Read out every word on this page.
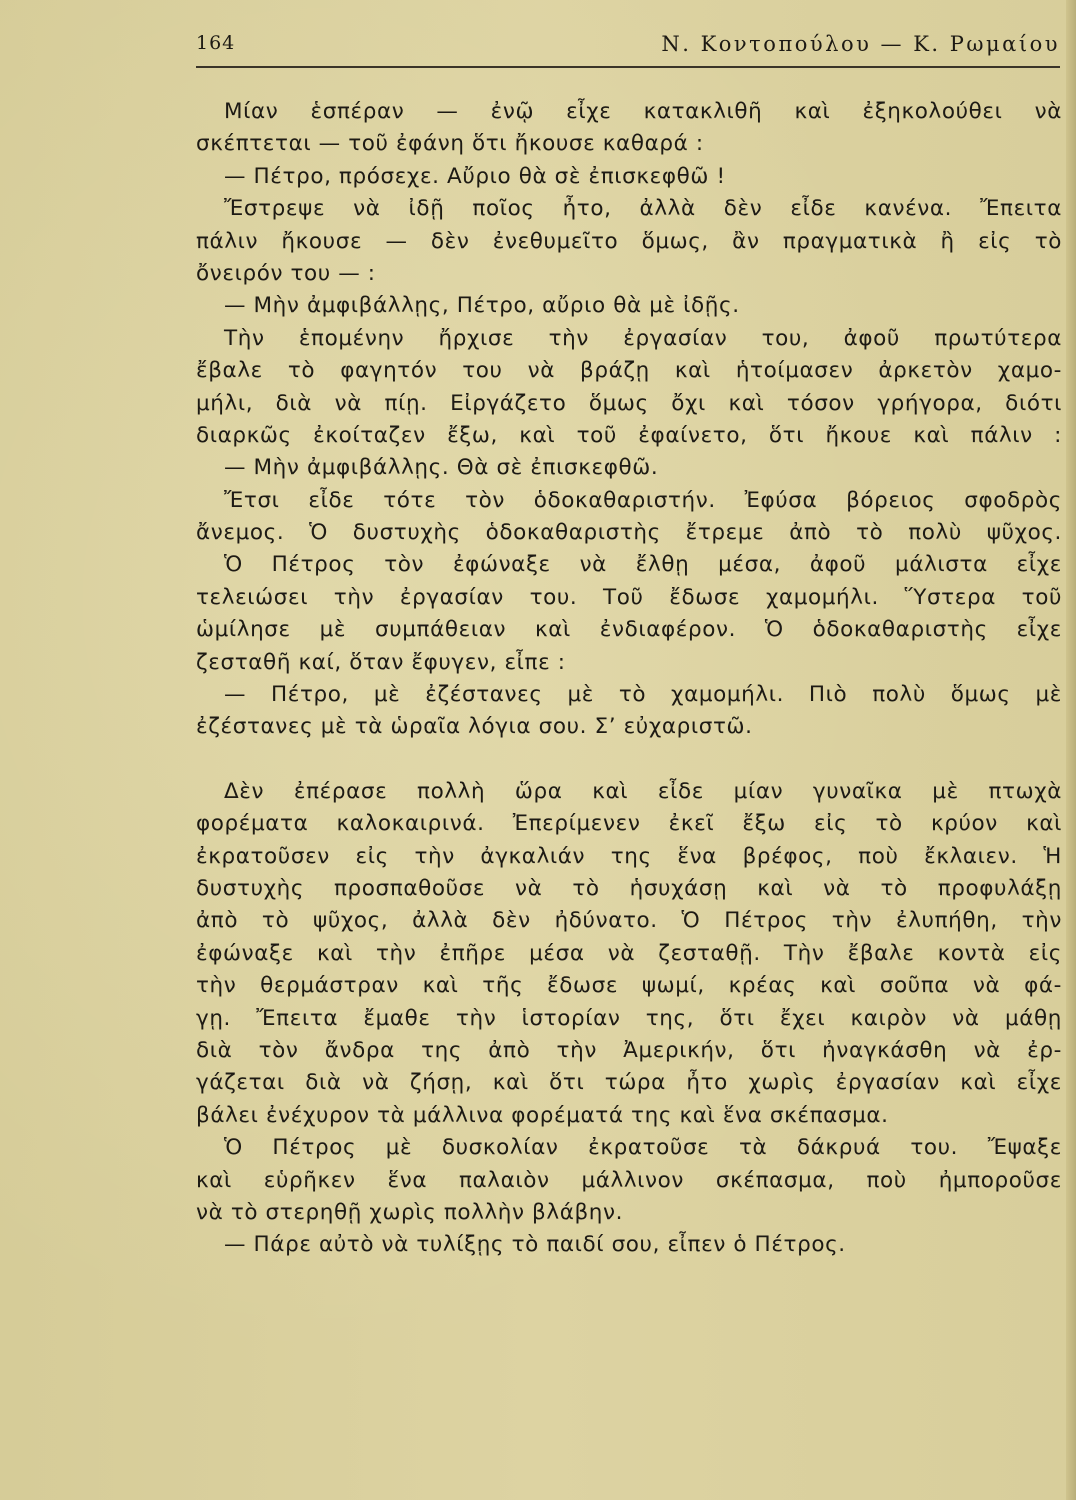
164	Ν. Κοντοπούλου — Κ. Ρωμαίου
Μίαν ἑσπέραν — ἐνῷ εἶχε κατακλιθῆ καὶ ἐξηκολούθει νὰ
σκέπτεται — τοῦ ἐφάνη ὅτι ἤκουσε καθαρά :
— Πέτρο, πρόσεχε. Αὔριο θὰ σὲ ἐπισκεφθῶ !
Ἔστρεψε νὰ ἰδῇ ποῖος ἦτο, ἀλλὰ δὲν εἶδε κανένα. Ἔπειτα
πάλιν ἤκουσε — δὲν ἐνεθυμεῖτο ὅμως, ἂν πραγματικὰ ἢ εἰς τὸ
ὄνειρόν του — :
— Μὴν ἀμφιβάλλῃς, Πέτρο, αὔριο θὰ μὲ ἰδῇς.
Τὴν ἑπομένην ἤρχισε τὴν ἐργασίαν του, ἀφοῦ πρωτύτερα
ἔβαλε τὸ φαγητόν του νὰ βράζῃ καὶ ἡτοίμασεν ἀρκετὸν χαμο-
μήλι, διὰ νὰ πίῃ. Εἰργάζετο ὅμως ὄχι καὶ τόσον γρήγορα, διότι
διαρκῶς ἐκοίταζεν ἔξω, καὶ τοῦ ἐφαίνετο, ὅτι ἤκουε καὶ πάλιν :
— Μὴν ἀμφιβάλλῃς. Θὰ σὲ ἐπισκεφθῶ.
Ἔτσι εἶδε τότε τὸν ὁδοκαθαριστήν. Ἐφύσα βόρειος σφοδρὸς
ἄνεμος. Ὁ δυστυχὴς ὁδοκαθαριστὴς ἔτρεμε ἀπὸ τὸ πολὺ ψῦχος.
Ὁ Πέτρος τὸν ἐφώναξε νὰ ἔλθῃ μέσα, ἀφοῦ μάλιστα εἶχε
τελειώσει τὴν ἐργασίαν του. Τοῦ ἔδωσε χαμομήλι. Ὕστερα τοῦ
ὡμίλησε μὲ συμπάθειαν καὶ ἐνδιαφέρον. Ὁ ὁδοκαθαριστὴς εἶχε
ζεσταθῆ καί, ὅταν ἔφυγεν, εἶπε :
— Πέτρο, μὲ ἐζέστανες μὲ τὸ χαμομήλι. Πιὸ πολὺ ὅμως μὲ
ἐζέστανες μὲ τὰ ὡραῖα λόγια σου. Σ’ εὐχαριστῶ.
Δὲν ἐπέρασε πολλὴ ὥρα καὶ εἶδε μίαν γυναῖκα μὲ πτωχὰ
φορέματα καλοκαιρινά. Ἐπερίμενεν ἐκεῖ ἔξω εἰς τὸ κρύον καὶ
ἐκρατοῦσεν εἰς τὴν ἀγκαλιάν της ἕνα βρέφος, ποὺ ἔκλαιεν. Ἡ
δυστυχὴς προσπαθοῦσε νὰ τὸ ἡσυχάσῃ καὶ νὰ τὸ προφυλάξῃ
ἀπὸ τὸ ψῦχος, ἀλλὰ δὲν ἠδύνατο. Ὁ Πέτρος τὴν ἐλυπήθη, τὴν
ἐφώναξε καὶ τὴν ἐπῆρε μέσα νὰ ζεσταθῇ. Τὴν ἔβαλε κοντὰ εἰς
τὴν θερμάστραν καὶ τῆς ἔδωσε ψωμί, κρέας καὶ σοῦπα νὰ φά-
γῃ. Ἔπειτα ἔμαθε τὴν ἱστορίαν της, ὅτι ἔχει καιρὸν νὰ μάθῃ
διὰ τὸν ἄνδρα της ἀπὸ τὴν Ἀμερικήν, ὅτι ἠναγκάσθη νὰ ἐρ-
γάζεται διὰ νὰ ζήσῃ, καὶ ὅτι τώρα ἦτο χωρὶς ἐργασίαν καὶ εἶχε
βάλει ἐνέχυρον τὰ μάλλινα φορέματά της καὶ ἕνα σκέπασμα.
Ὁ Πέτρος μὲ δυσκολίαν ἐκρατοῦσε τὰ δάκρυά του. Ἔψαξε
καὶ εὑρῆκεν ἕνα παλαιὸν μάλλινον σκέπασμα, ποὺ ἠμποροῦσε
νὰ τὸ στερηθῇ χωρὶς πολλὴν βλάβην.
— Πάρε αὐτὸ νὰ τυλίξῃς τὸ παιδί σου, εἶπεν ὁ Πέτρος.
